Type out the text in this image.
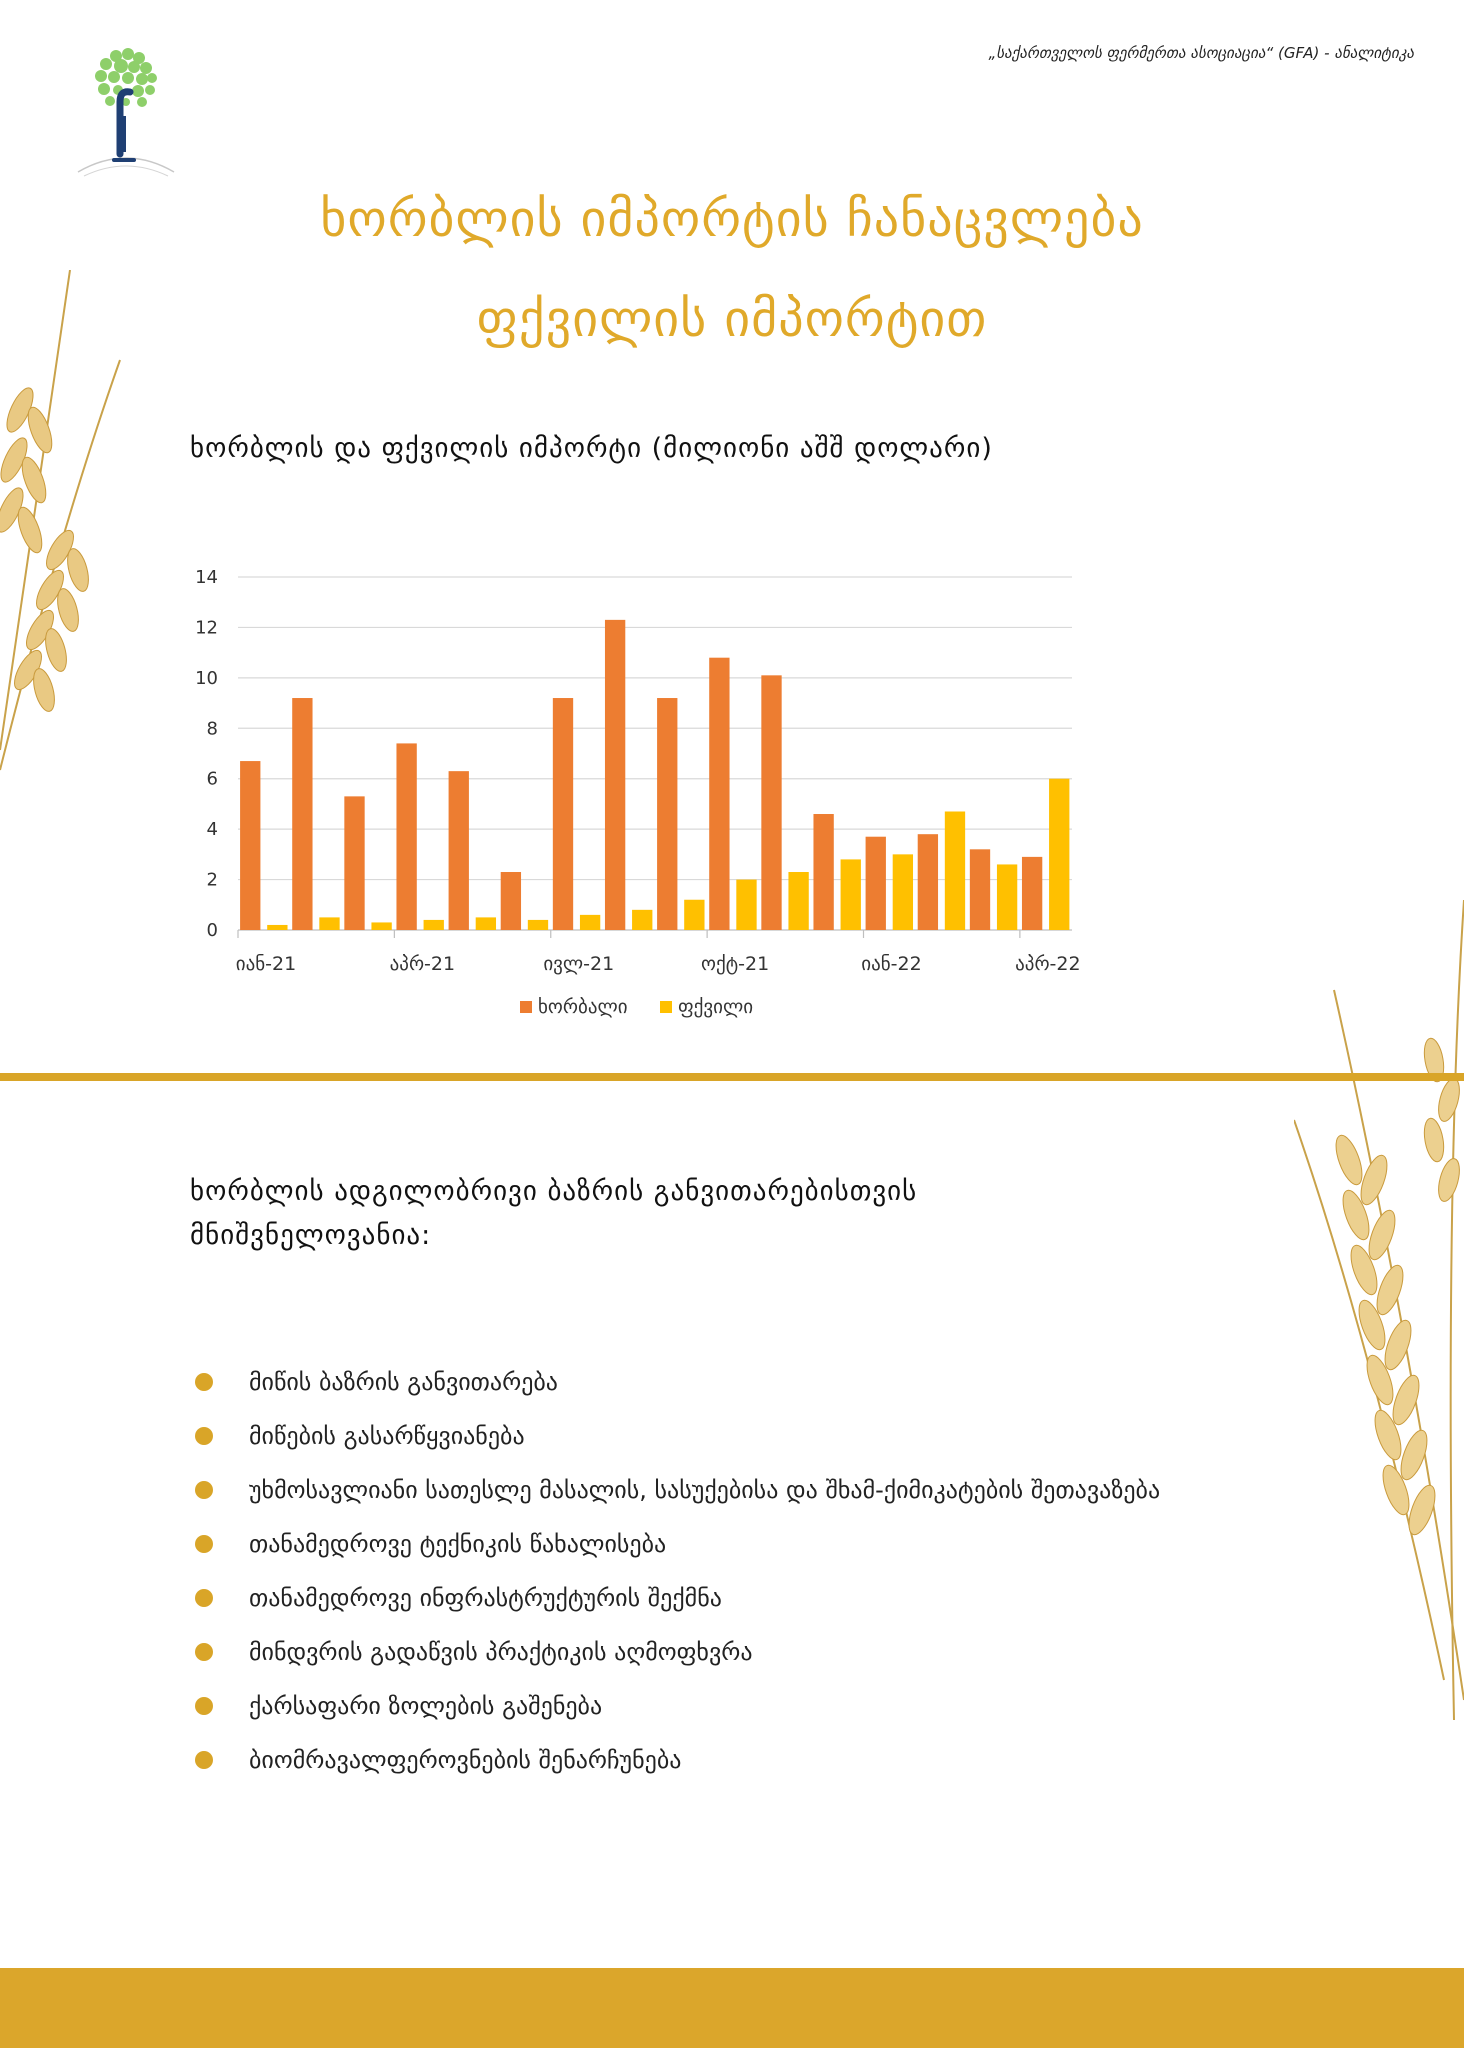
„საქართველოს ფერმერთა ასოციაცია“ (GFA) - ანალიტიკა
ხორბლის იმპორტის ჩანაცვლება
ფქვილის იმპორტით
ხორბლის და ფქვილის იმპორტი (მილიონი აშშ დოლარი)
0
2
4
6
8
10
12
14
იან-21	აპრ-21	ივლ-21	ოქტ-21	იან-22	აპრ-22
ხორბალი	ფქვილი
ხორბლის ადგილობრივი ბაზრის განვითარებისთვის
მნიშვნელოვანია:
მიწის ბაზრის განვითარება
მიწების გასარწყვიანება
უხმოსავლიანი სათესლე მასალის, სასუქებისა და შხამ-ქიმიკატების შეთავაზება
თანამედროვე ტექნიკის წახალისება
თანამედროვე ინფრასტრუქტურის შექმნა
მინდვრის გადაწვის პრაქტიკის აღმოფხვრა
ქარსაფარი ზოლების გაშენება
ბიომრავალფეროვნების შენარჩუნება
